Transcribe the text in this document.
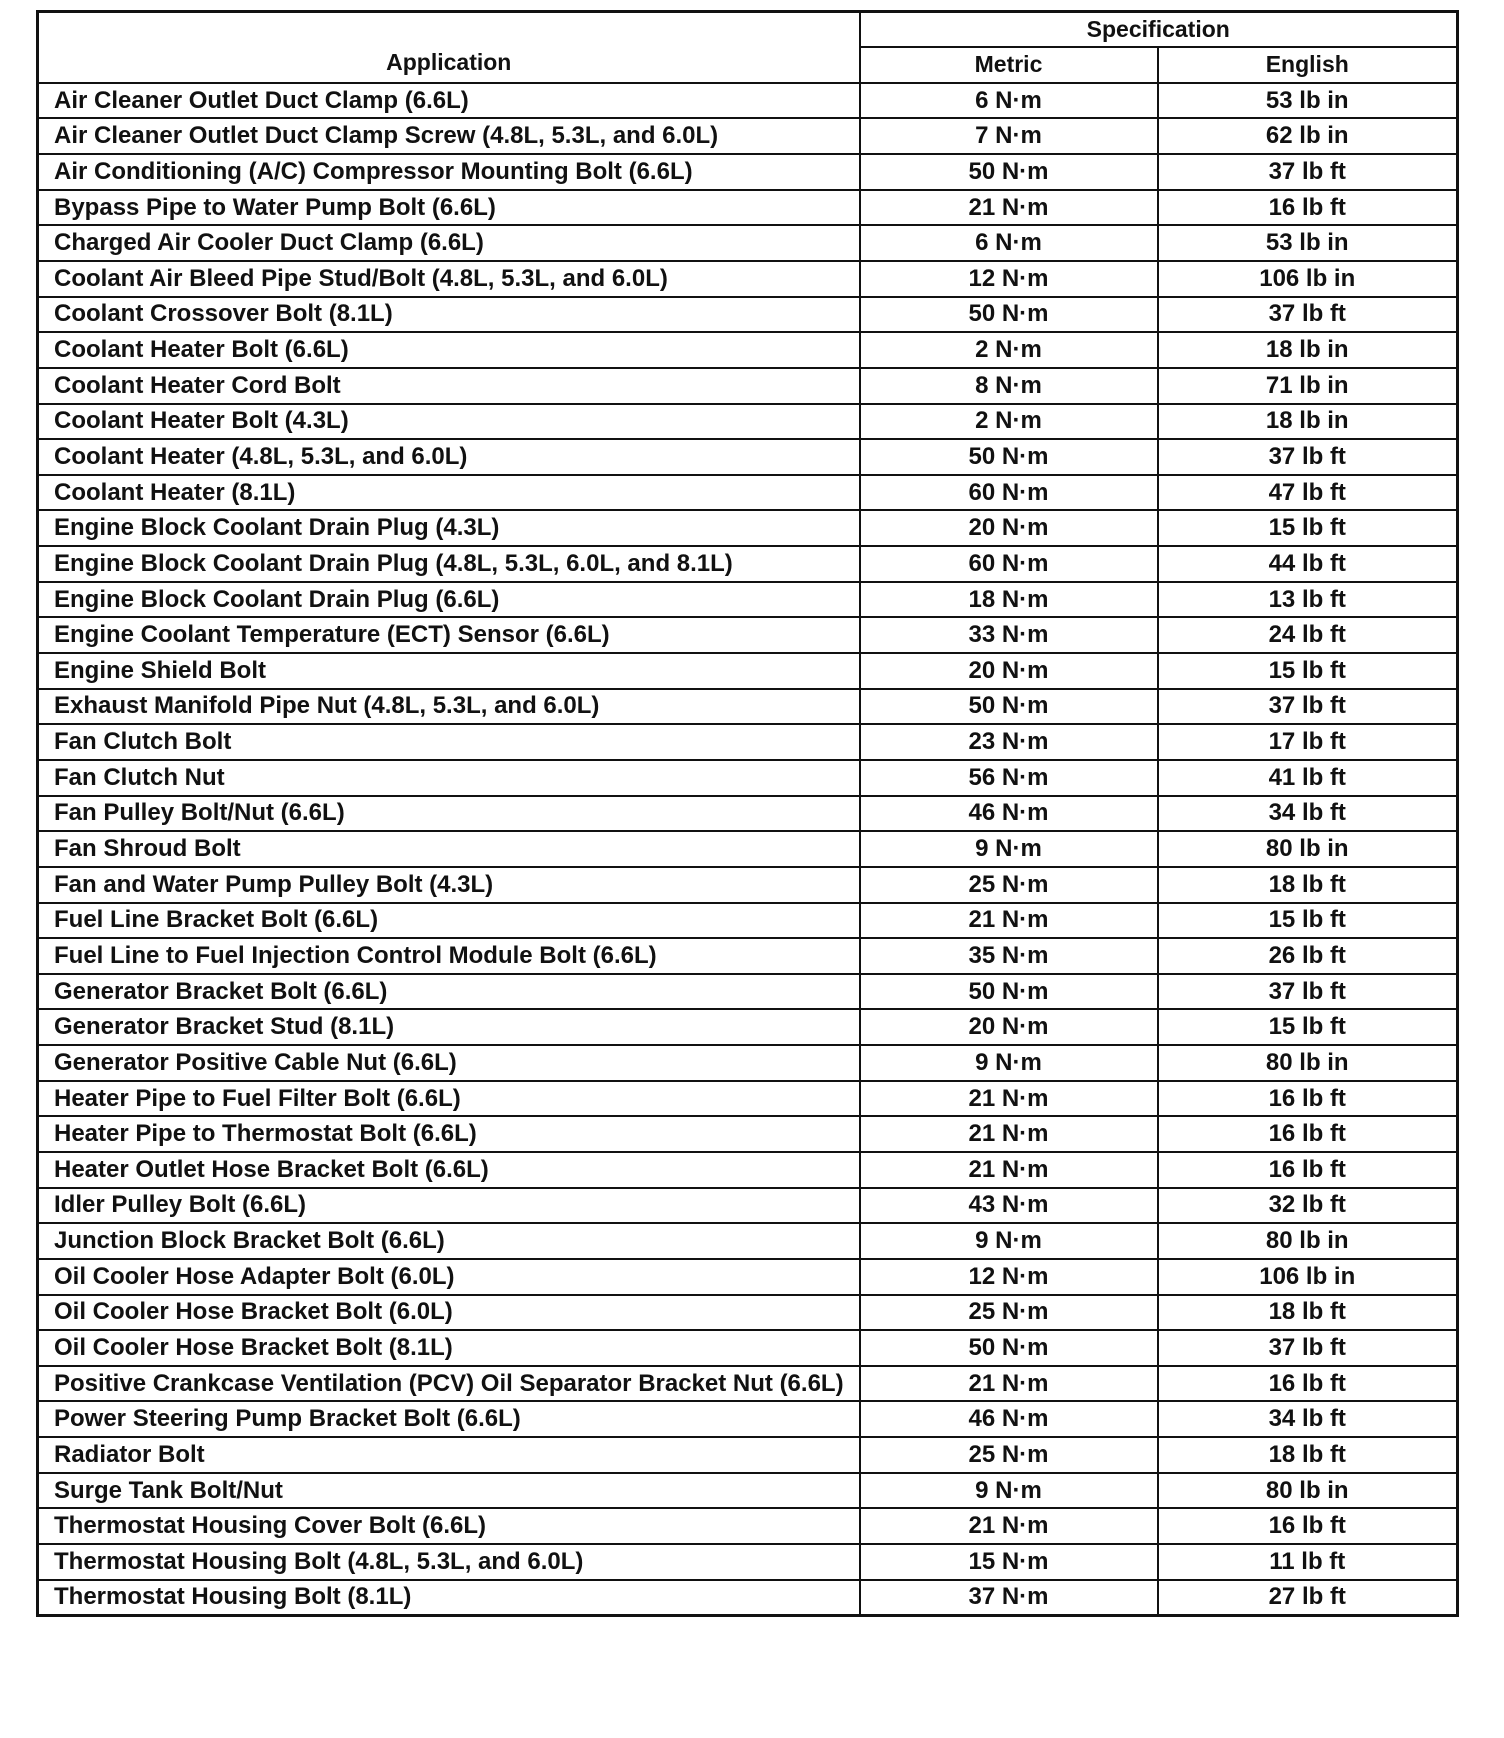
Application	Specification	
	Metric	English
Air Cleaner Outlet Duct Clamp (6.6L)	6 N·m	53 lb in
Air Cleaner Outlet Duct Clamp Screw (4.8L, 5.3L, and 6.0L)	7 N·m	62 lb in
Air Conditioning (A/C) Compressor Mounting Bolt (6.6L)	50 N·m	37 lb ft
Bypass Pipe to Water Pump Bolt (6.6L)	21 N·m	16 lb ft
Charged Air Cooler Duct Clamp (6.6L)	6 N·m	53 lb in
Coolant Air Bleed Pipe Stud/Bolt (4.8L, 5.3L, and 6.0L)	12 N·m	106 lb in
Coolant Crossover Bolt (8.1L)	50 N·m	37 lb ft
Coolant Heater Bolt (6.6L)	2 N·m	18 lb in
Coolant Heater Cord Bolt	8 N·m	71 lb in
Coolant Heater Bolt (4.3L)	2 N·m	18 lb in
Coolant Heater (4.8L, 5.3L, and 6.0L)	50 N·m	37 lb ft
Coolant Heater (8.1L)	60 N·m	47 lb ft
Engine Block Coolant Drain Plug (4.3L)	20 N·m	15 lb ft
Engine Block Coolant Drain Plug (4.8L, 5.3L, 6.0L, and 8.1L)	60 N·m	44 lb ft
Engine Block Coolant Drain Plug (6.6L)	18 N·m	13 lb ft
Engine Coolant Temperature (ECT) Sensor (6.6L)	33 N·m	24 lb ft
Engine Shield Bolt	20 N·m	15 lb ft
Exhaust Manifold Pipe Nut (4.8L, 5.3L, and 6.0L)	50 N·m	37 lb ft
Fan Clutch Bolt	23 N·m	17 lb ft
Fan Clutch Nut	56 N·m	41 lb ft
Fan Pulley Bolt/Nut (6.6L)	46 N·m	34 lb ft
Fan Shroud Bolt	9 N·m	80 lb in
Fan and Water Pump Pulley Bolt (4.3L)	25 N·m	18 lb ft
Fuel Line Bracket Bolt (6.6L)	21 N·m	15 lb ft
Fuel Line to Fuel Injection Control Module Bolt (6.6L)	35 N·m	26 lb ft
Generator Bracket Bolt (6.6L)	50 N·m	37 lb ft
Generator Bracket Stud (8.1L)	20 N·m	15 lb ft
Generator Positive Cable Nut (6.6L)	9 N·m	80 lb in
Heater Pipe to Fuel Filter Bolt (6.6L)	21 N·m	16 lb ft
Heater Pipe to Thermostat Bolt (6.6L)	21 N·m	16 lb ft
Heater Outlet Hose Bracket Bolt (6.6L)	21 N·m	16 lb ft
Idler Pulley Bolt (6.6L)	43 N·m	32 lb ft
Junction Block Bracket Bolt (6.6L)	9 N·m	80 lb in
Oil Cooler Hose Adapter Bolt (6.0L)	12 N·m	106 lb in
Oil Cooler Hose Bracket Bolt (6.0L)	25 N·m	18 lb ft
Oil Cooler Hose Bracket Bolt (8.1L)	50 N·m	37 lb ft
Positive Crankcase Ventilation (PCV) Oil Separator Bracket Nut (6.6L)	21 N·m	16 lb ft
Power Steering Pump Bracket Bolt (6.6L)	46 N·m	34 lb ft
Radiator Bolt	25 N·m	18 lb ft
Surge Tank Bolt/Nut	9 N·m	80 lb in
Thermostat Housing Cover Bolt (6.6L)	21 N·m	16 lb ft
Thermostat Housing Bolt (4.8L, 5.3L, and 6.0L)	15 N·m	11 lb ft
Thermostat Housing Bolt (8.1L)	37 N·m	27 lb ft
